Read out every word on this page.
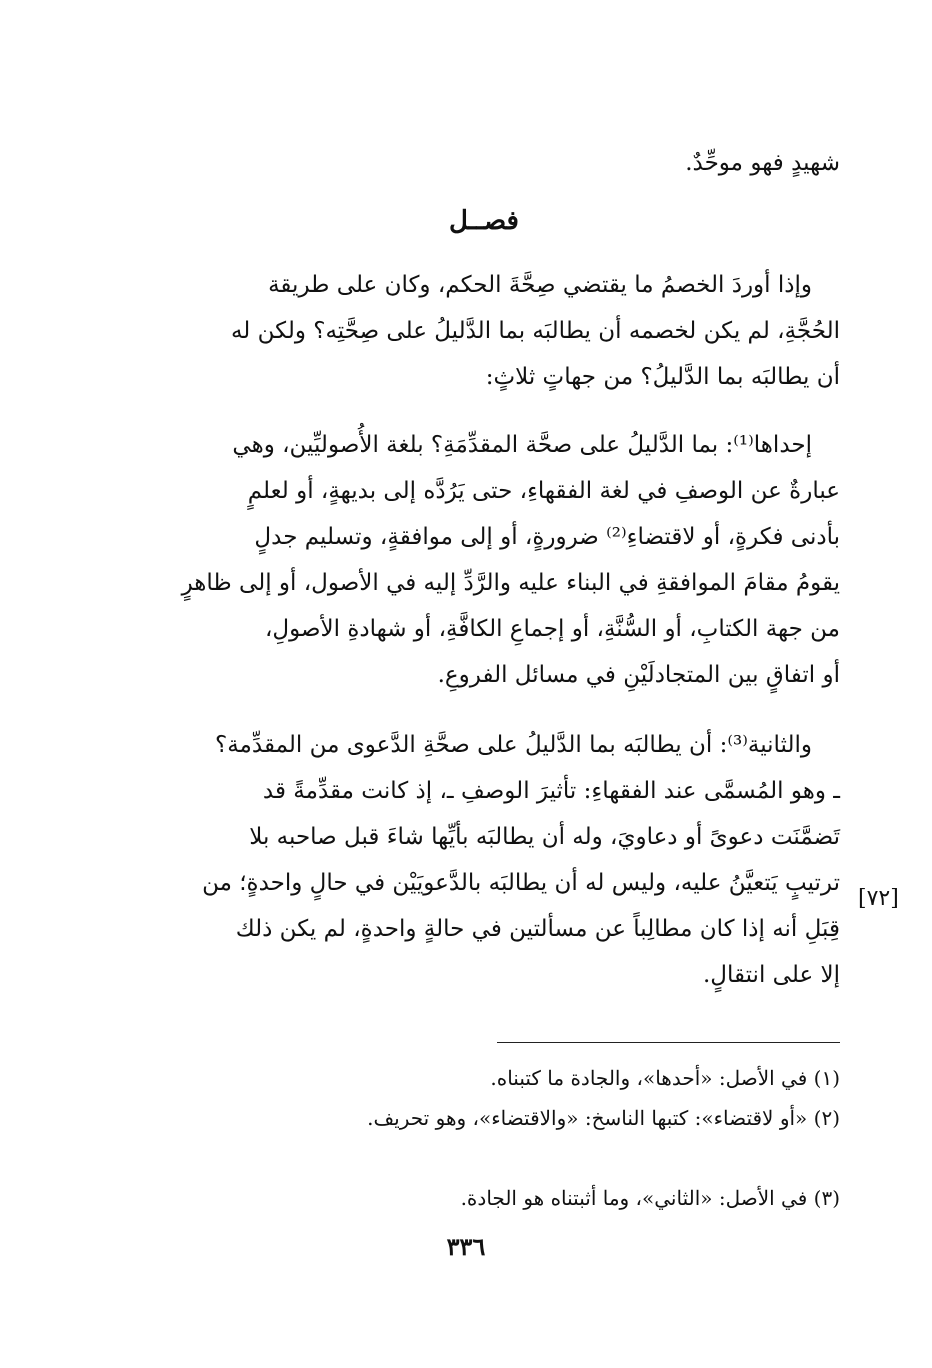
شهيدٍ فهو موحِّدٌ.
فصــل
وإذا أوردَ الخصمُ ما يقتضي صِحَّةَ الحكم، وكان على طريقة
الحُجَّةِ، لم يكن لخصمه أن يطالبَه بما الدَّليلُ على صِحَّتِه؟ ولكن له
أن يطالبَه بما الدَّليلُ؟ من جهاتٍ ثلاثٍ:
إحداها⁽¹⁾: بما الدَّليلُ على صحَّة المقدِّمَةِ؟ بلغة الأُصوليِّين، وهي
عبارةٌ عن الوصفِ في لغة الفقهاءِ، حتى يَرُدَّه إلى بديهةٍ، أو لعلمٍ
بأدنى فكرةٍ، أو لاقتضاءِ⁽²⁾ ضرورةٍ، أو إلى موافقةٍ، وتسليم جدلٍ
يقومُ مقامَ الموافقةِ في البناء عليه والرَّدِّ إليه في الأصول، أو إلى ظاهرٍ
من جهة الكتابِ، أو السُّنَّةِ، أو إجماعِ الكافَّةِ، أو شهادةِ الأصولِ،
أو اتفاقٍ بين المتجادلَيْنِ في مسائل الفروعِ.
والثانية⁽³⁾: أن يطالبَه بما الدَّليلُ على صحَّةِ الدَّعوى من المقدِّمة؟
ـ وهو المُسمَّى عند الفقهاءِ: تأثيرَ الوصفِ ـ، إذ كانت مقدِّمةً قد
تَضمَّنَت دعوىً أو دعاويَ، وله أن يطالبَه بأيِّها شاءَ قبل صاحبه بلا
ترتيبٍ يَتعيَّنُ عليه، وليس له أن يطالبَه بالدَّعويَيْن في حالٍ واحدةٍ؛ من
قِبَلِ أنه إذا كان مطالِباً عن مسألتين في حالةٍ واحدةٍ، لم يكن ذلك
إلا على انتقالٍ.
[٧٢]
(١) في الأصل: «أحدها»، والجادة ما كتبناه.
(٢) «أو لاقتضاء»: كتبها الناسخ: «والاقتضاء»، وهو تحريف.
(٣) في الأصل: «الثاني»، وما أثبتناه هو الجادة.
٣٣٦
